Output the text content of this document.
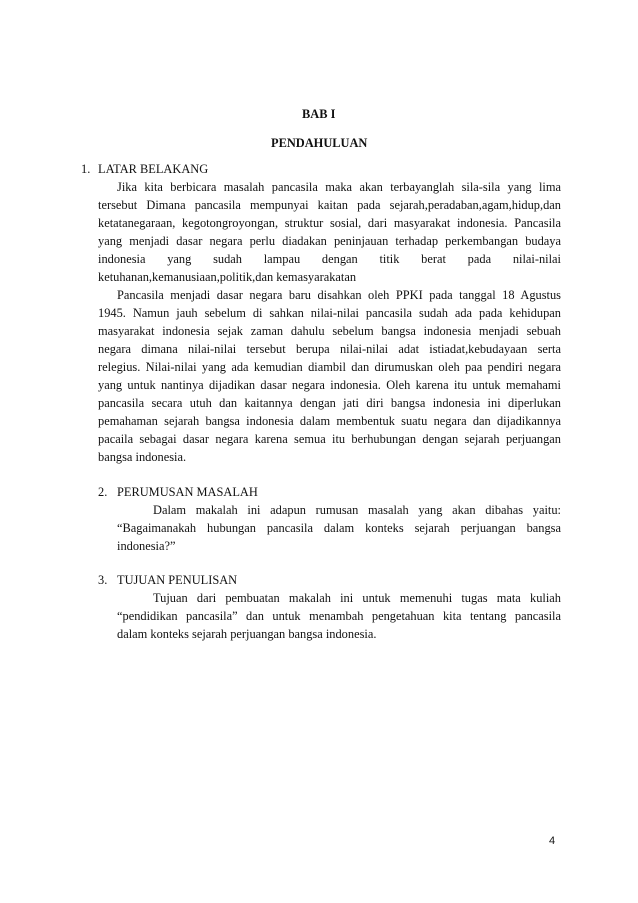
BAB I
PENDAHULUAN
1. LATAR BELAKANG
Jika kita berbicara masalah pancasila maka akan terbayanglah sila-sila yang lima
tersebut Dimana pancasila mempunyai kaitan pada sejarah,peradaban,agam,hidup,dan
ketatanegaraan, kegotongroyongan, struktur sosial, dari masyarakat indonesia. Pancasila
yang menjadi dasar negara perlu diadakan peninjauan terhadap perkembangan budaya
indonesia yang sudah lampau dengan titik berat pada nilai-nilai
ketuhanan,kemanusiaan,politik,dan kemasyarakatan
Pancasila menjadi dasar negara baru disahkan oleh PPKI pada tanggal 18 Agustus
1945. Namun jauh sebelum di sahkan nilai-nilai pancasila sudah ada pada kehidupan
masyarakat indonesia sejak zaman dahulu sebelum bangsa indonesia menjadi sebuah
negara dimana nilai-nilai tersebut berupa nilai-nilai adat istiadat,kebudayaan serta
relegius. Nilai-nilai yang ada kemudian diambil dan dirumuskan oleh paa pendiri negara
yang untuk nantinya dijadikan dasar negara indonesia. Oleh karena itu untuk memahami
pancasila secara utuh dan kaitannya dengan jati diri bangsa indonesia ini diperlukan
pemahaman sejarah bangsa indonesia dalam membentuk suatu negara dan dijadikannya
pacaila sebagai dasar negara karena semua itu berhubungan dengan sejarah perjuangan
bangsa indonesia.
2. PERUMUSAN MASALAH
Dalam makalah ini adapun rumusan masalah yang akan dibahas yaitu:
“Bagaimanakah hubungan pancasila dalam konteks sejarah perjuangan bangsa
indonesia?”
3. TUJUAN PENULISAN
Tujuan dari pembuatan makalah ini untuk memenuhi tugas mata kuliah
“pendidikan pancasila” dan untuk menambah pengetahuan kita tentang pancasila
dalam konteks sejarah perjuangan bangsa indonesia.
4
